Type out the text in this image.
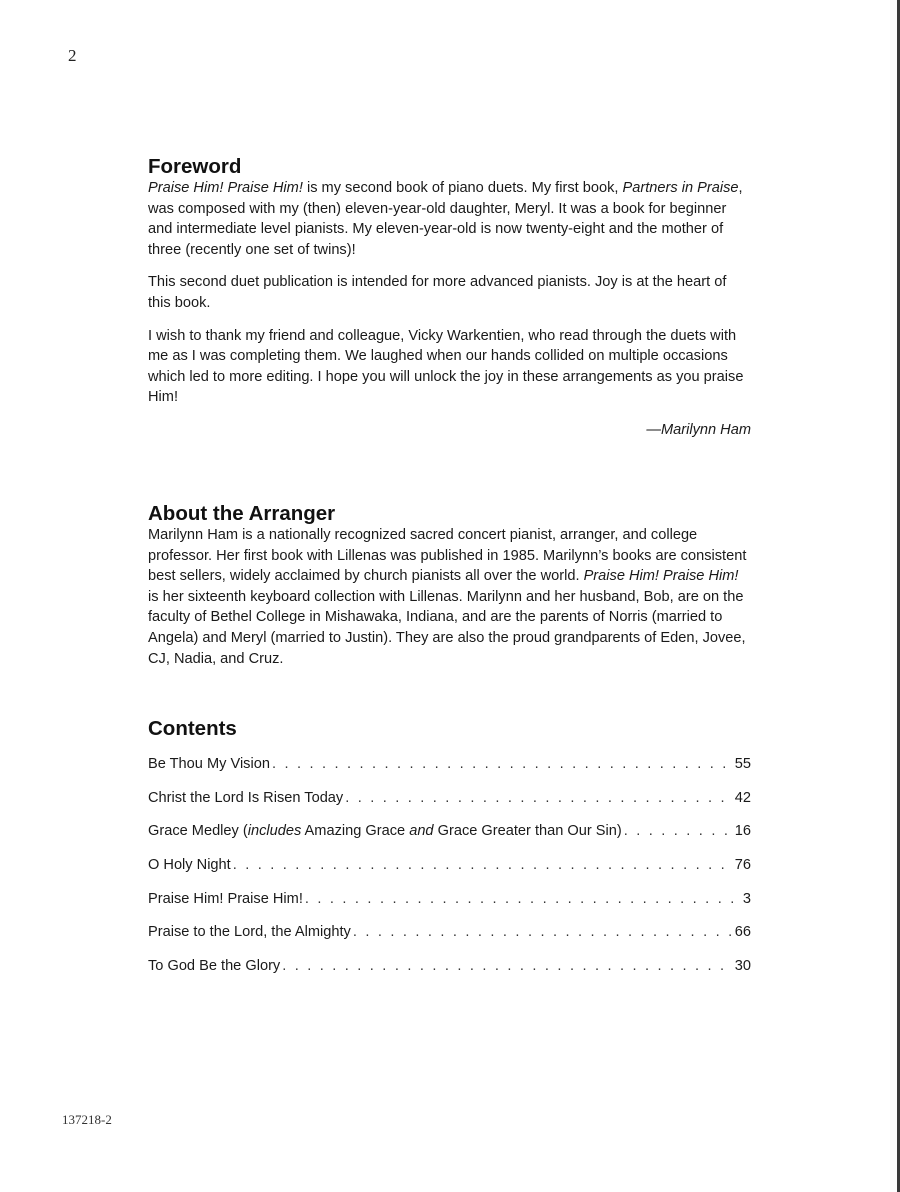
2
Foreword

Praise Him! Praise Him! is my second book of piano duets. My first book, Partners in Praise, was composed with my (then) eleven-year-old daughter, Meryl. It was a book for beginner and intermediate level pianists. My eleven-year-old is now twenty-eight and the mother of three (recently one set of twins)!

This second duet publication is intended for more advanced pianists. Joy is at the heart of this book.

I wish to thank my friend and colleague, Vicky Warkentien, who read through the duets with me as I was completing them. We laughed when our hands collided on multiple occasions which led to more editing. I hope you will unlock the joy in these arrangements as you praise Him!

—Marilynn Ham
About the Arranger

Marilynn Ham is a nationally recognized sacred concert pianist, arranger, and college professor. Her first book with Lillenas was published in 1985. Marilynn’s books are consistent best sellers, widely acclaimed by church pianists all over the world. Praise Him! Praise Him! is her sixteenth keyboard collection with Lillenas. Marilynn and her husband, Bob, are on the faculty of Bethel College in Mishawaka, Indiana, and are the parents of Norris (married to Angela) and Meryl (married to Justin). They are also the proud grandparents of Eden, Jovee, CJ, Nadia, and Cruz.

Contents
Be Thou My Vision . . .	55
Christ the Lord Is Risen Today . . .	42
Grace Medley (includes Amazing Grace and Grace Greater than Our Sin) . . .	16
O Holy Night . . .	76
Praise Him! Praise Him! . . .	3
Praise to the Lord, the Almighty . . .	66
To God Be the Glory . . .	30
137218-2
